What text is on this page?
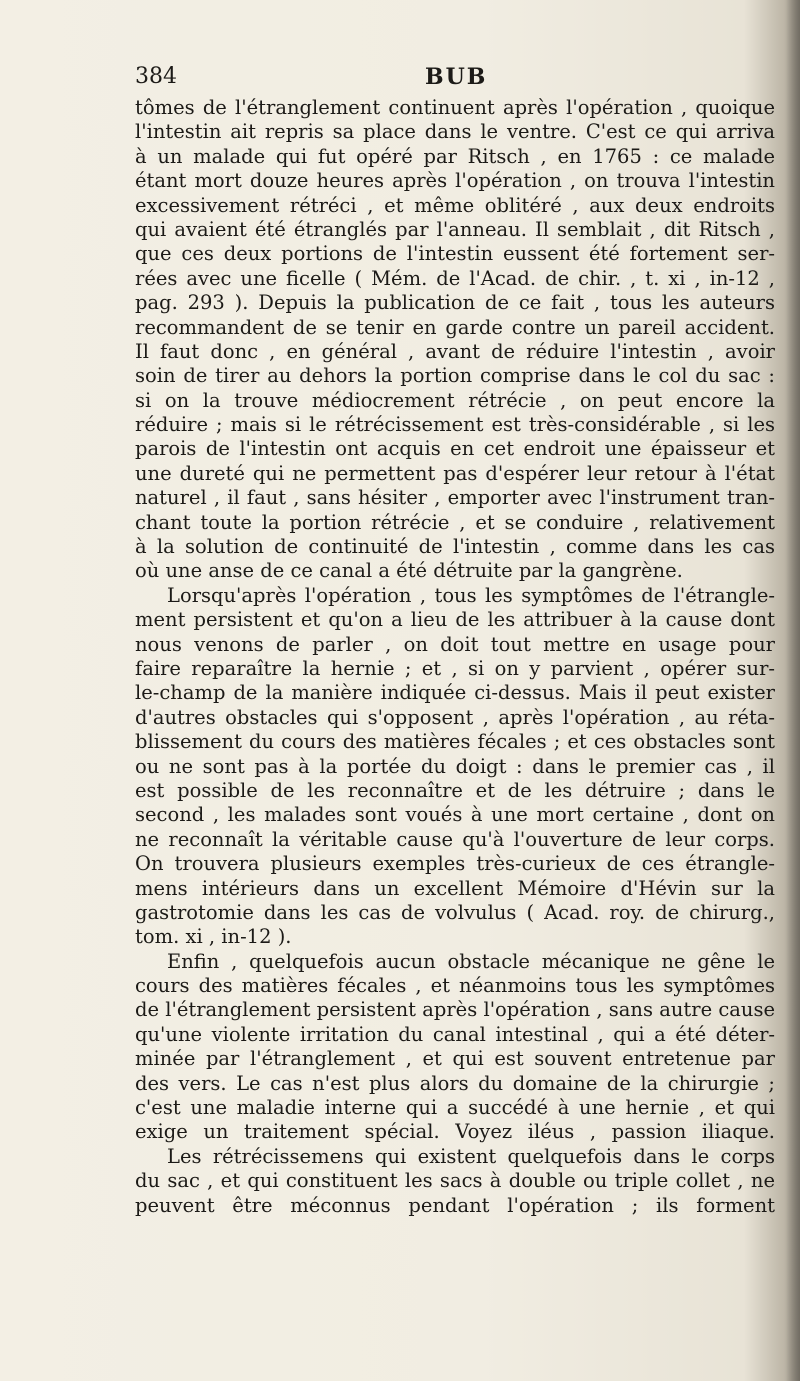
384	BUB
tômes de l'étranglement continuent après l'opération , quoique
l'intestin ait repris sa place dans le ventre. C'est ce qui arriva
à un malade qui fut opéré par Ritsch , en 1765 : ce malade
étant mort douze heures après l'opération , on trouva l'intestin
excessivement rétréci , et même oblitéré , aux deux endroits
qui avaient été étranglés par l'anneau. Il semblait , dit Ritsch ,
que ces deux portions de l'intestin eussent été fortement ser-
rées avec une ficelle ( Mém. de l'Acad. de chir. , t. xi , in-12 ,
pag. 293 ). Depuis la publication de ce fait , tous les auteurs
recommandent de se tenir en garde contre un pareil accident.
Il faut donc , en général , avant de réduire l'intestin , avoir
soin de tirer au dehors la portion comprise dans le col du sac :
si on la trouve médiocrement rétrécie , on peut encore la
réduire ; mais si le rétrécissement est très-considérable , si les
parois de l'intestin ont acquis en cet endroit une épaisseur et
une dureté qui ne permettent pas d'espérer leur retour à l'état
naturel , il faut , sans hésiter , emporter avec l'instrument tran-
chant toute la portion rétrécie , et se conduire , relativement
à la solution de continuité de l'intestin , comme dans les cas
où une anse de ce canal a été détruite par la gangrène.
Lorsqu'après l'opération , tous les symptômes de l'étrangle-
ment persistent et qu'on a lieu de les attribuer à la cause dont
nous venons de parler , on doit tout mettre en usage pour
faire reparaître la hernie ; et , si on y parvient , opérer sur-
le-champ de la manière indiquée ci-dessus. Mais il peut exister
d'autres obstacles qui s'opposent , après l'opération , au réta-
blissement du cours des matières fécales ; et ces obstacles sont
ou ne sont pas à la portée du doigt : dans le premier cas , il
est possible de les reconnaître et de les détruire ; dans le
second , les malades sont voués à une mort certaine , dont on
ne reconnaît la véritable cause qu'à l'ouverture de leur corps.
On trouvera plusieurs exemples très-curieux de ces étrangle-
mens intérieurs dans un excellent Mémoire d'Hévin sur la
gastrotomie dans les cas de volvulus ( Acad. roy. de chirurg.,
tom. xi , in-12 ).
Enfin , quelquefois aucun obstacle mécanique ne gêne le
cours des matières fécales , et néanmoins tous les symptômes
de l'étranglement persistent après l'opération , sans autre cause
qu'une violente irritation du canal intestinal , qui a été déter-
minée par l'étranglement , et qui est souvent entretenue par
des vers. Le cas n'est plus alors du domaine de la chirurgie ;
c'est une maladie interne qui a succédé à une hernie , et qui
exige un traitement spécial. Voyez iléus , passion iliaque.
Les rétrécissemens qui existent quelquefois dans le corps
du sac , et qui constituent les sacs à double ou triple collet , ne
peuvent être méconnus pendant l'opération ; ils forment
